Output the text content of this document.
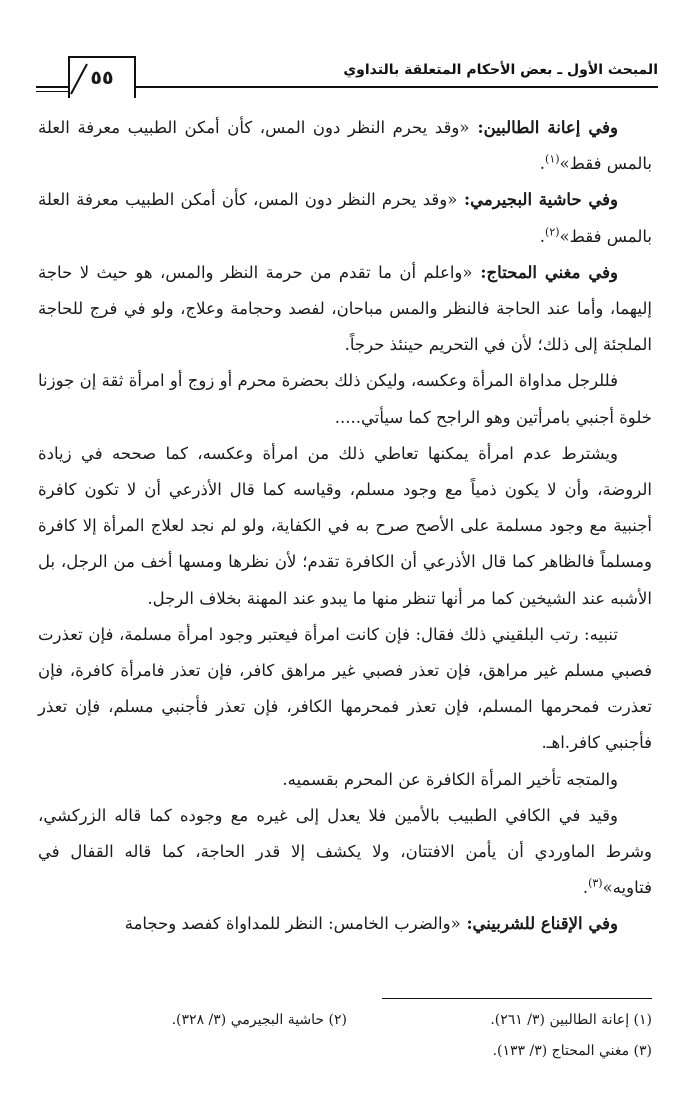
المبحث الأول ـ بعض الأحكام المتعلقة بالتداوي
٥٥

وفي إعانة الطالبين: «وقد يحرم النظر دون المس، كأن أمكن الطبيب معرفة العلة بالمس فقط»$^{(١)}$.

وفي حاشية البجيرمي: «وقد يحرم النظر دون المس، كأن أمكن الطبيب معرفة العلة بالمس فقط»$^{(٢)}$.

وفي مغني المحتاج: «واعلم أن ما تقدم من حرمة النظر والمس، هو حيث لا حاجة إليهما، وأما عند الحاجة فالنظر والمس مباحان، لفصد وحجامة وعلاج، ولو في فرج للحاجة الملجئة إلى ذلك؛ لأن في التحريم حينئذ حرجاً.

فللرجل مداواة المرأة وعكسه، وليكن ذلك بحضرة محرم أو زوج أو امرأة ثقة إن جوزنا خلوة أجنبي بامرأتين وهو الراجح كما سيأتي.....

ويشترط عدم امرأة يمكنها تعاطي ذلك من امرأة وعكسه، كما صححه في زيادة الروضة، وأن لا يكون ذمياً مع وجود مسلم، وقياسه كما قال الأذرعي أن لا تكون كافرة أجنبية مع وجود مسلمة على الأصح صرح به في الكفاية، ولو لم نجد لعلاج المرأة إلا كافرة ومسلماً فالظاهر كما قال الأذرعي أن الكافرة تقدم؛ لأن نظرها ومسها أخف من الرجل، بل الأشبه عند الشيخين كما مر أنها تنظر منها ما يبدو عند المهنة بخلاف الرجل.

تنبيه: رتب البلقيني ذلك فقال: فإن كانت امرأة فيعتبر وجود امرأة مسلمة، فإن تعذرت فصبي مسلم غير مراهق، فإن تعذر فصبي غير مراهق كافر، فإن تعذر فامرأة كافرة، فإن تعذرت فمحرمها المسلم، فإن تعذر فمحرمها الكافر، فإن تعذر فأجنبي مسلم، فإن تعذر فأجنبي كافر.اهـ.

والمتجه تأخير المرأة الكافرة عن المحرم بقسميه.

وقيد في الكافي الطبيب بالأمين فلا يعدل إلى غيره مع وجوده كما قاله الزركشي، وشرط الماوردي أن يأمن الافتتان، ولا يكشف إلا قدر الحاجة، كما قاله القفال في فتاويه»$^{(٣)}$.

وفي الإقناع للشربيني: «والضرب الخامس: النظر للمداواة كفصد وحجامة

(١) إعانة الطالبين (٣/ ٢٦١).
(٢) حاشية البجيرمي (٣/ ٣٢٨).
(٣) مغني المحتاج (٣/ ١٣٣).
